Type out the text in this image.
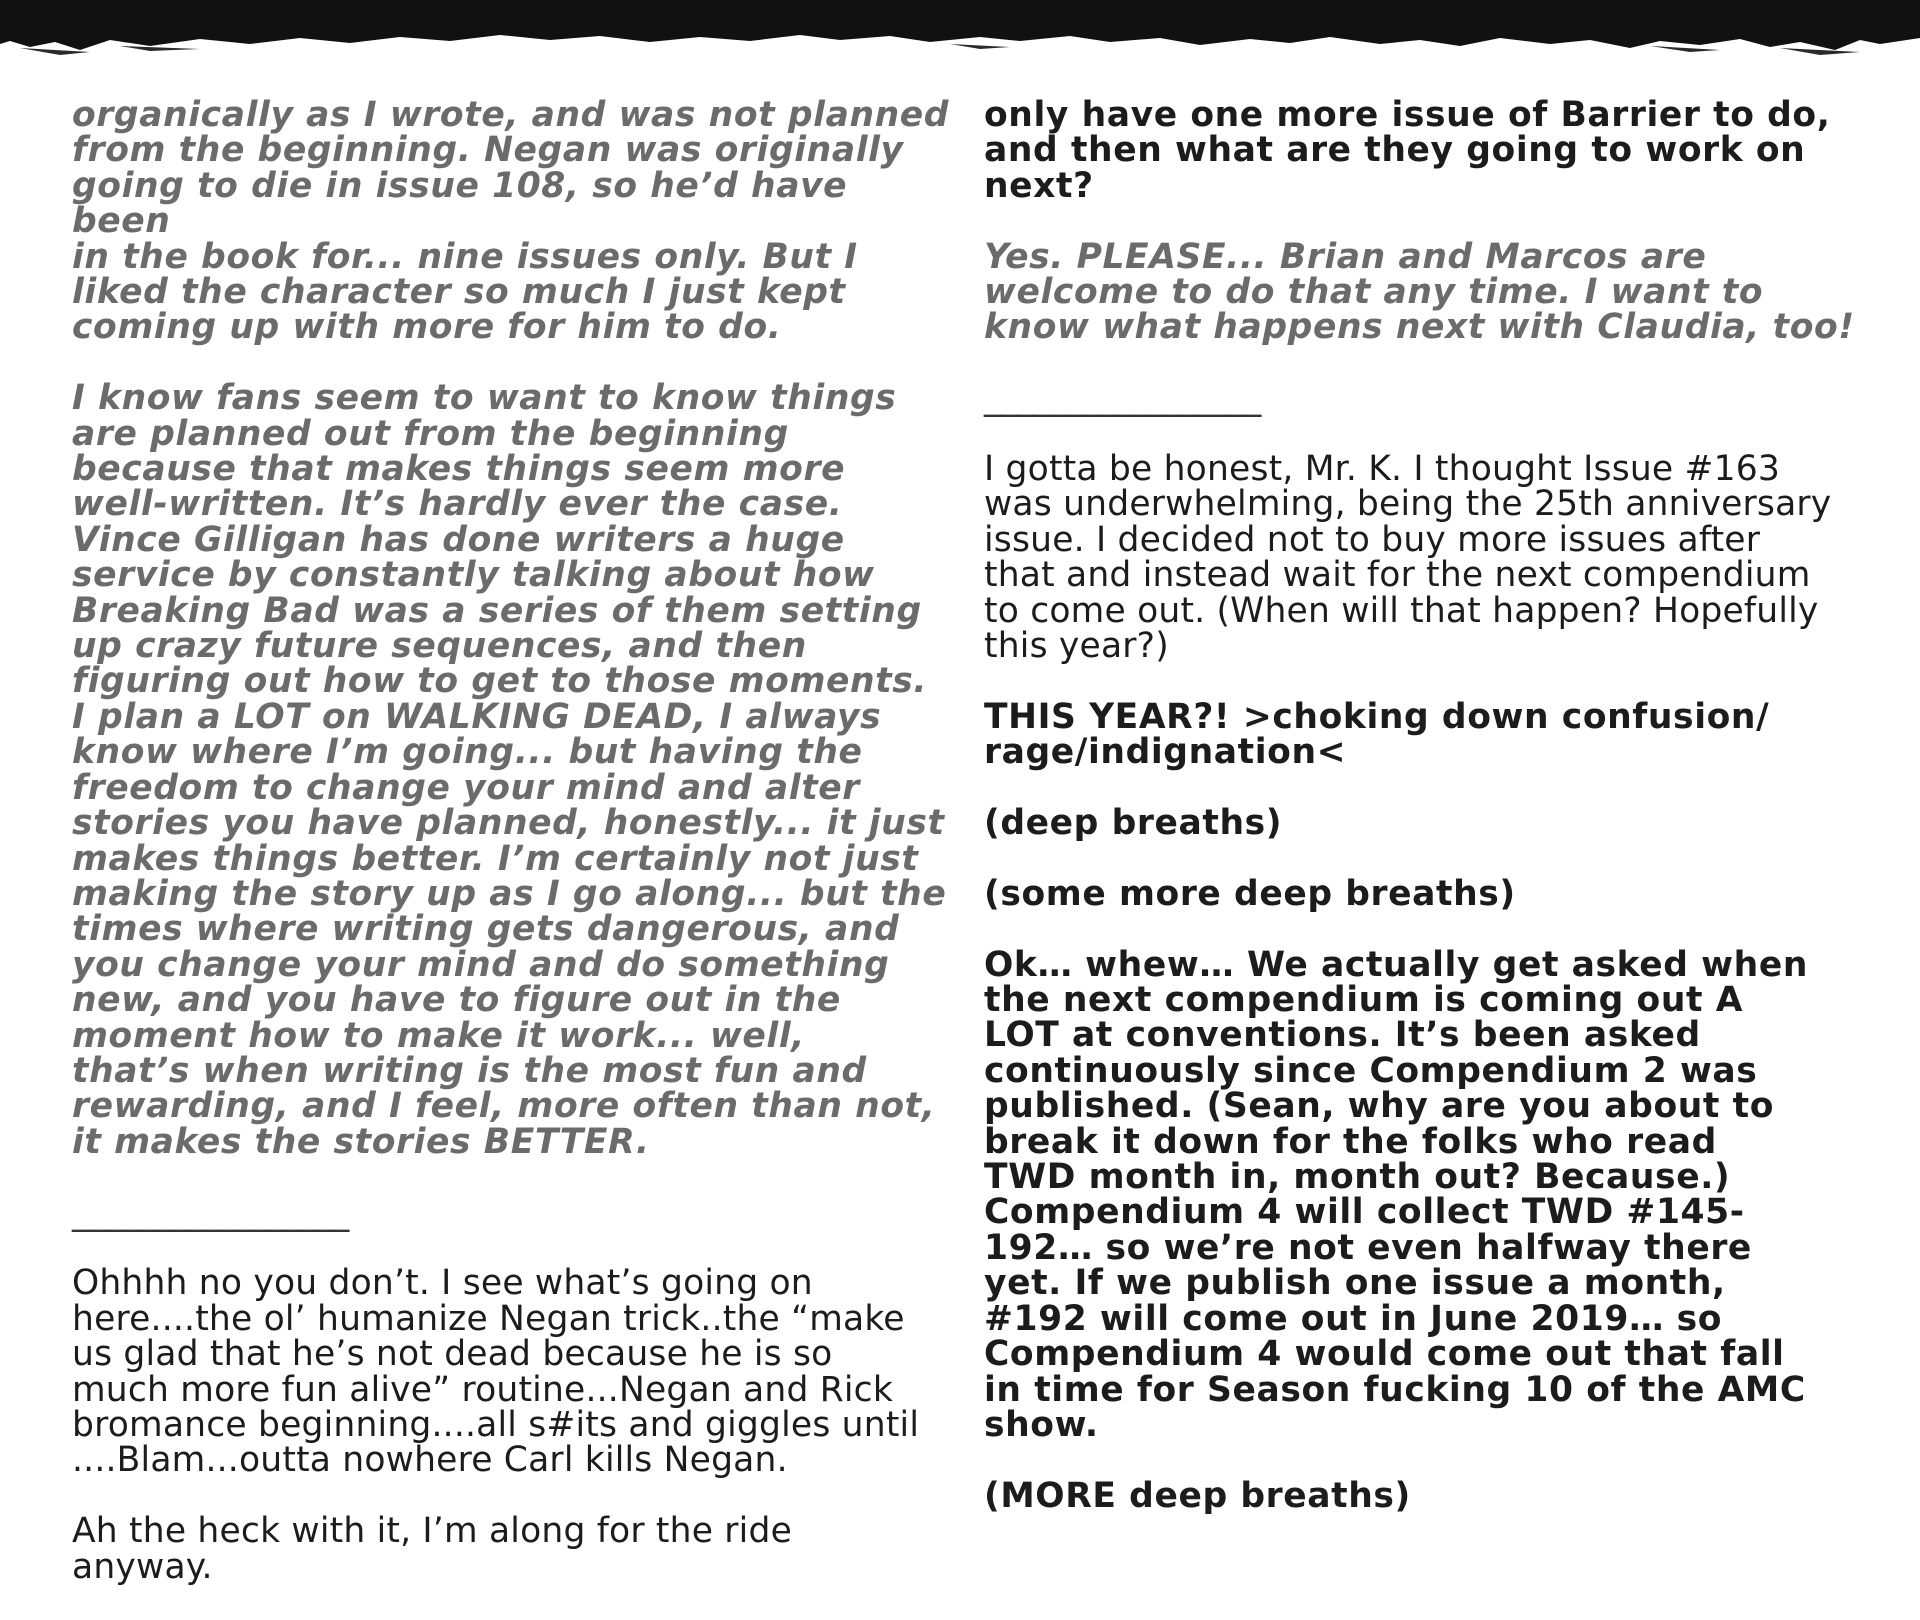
organically as I wrote, and was not planned
from the beginning. Negan was originally
going to die in issue 108, so he’d have been
in the book for... nine issues only. But I
liked the character so much I just kept
coming up with more for him to do.

I know fans seem to want to know things
are planned out from the beginning
because that makes things seem more
well-written. It’s hardly ever the case.
Vince Gilligan has done writers a huge
service by constantly talking about how
Breaking Bad was a series of them setting
up crazy future sequences, and then
figuring out how to get to those moments.
I plan a LOT on WALKING DEAD, I always
know where I’m going... but having the
freedom to change your mind and alter
stories you have planned, honestly... it just
makes things better. I’m certainly not just
making the story up as I go along... but the
times where writing gets dangerous, and
you change your mind and do something
new, and you have to figure out in the
moment how to make it work... well,
that’s when writing is the most fun and
rewarding, and I feel, more often than not,
it makes the stories BETTER.

_________________

Ohhhh no you don’t. I see what’s going on
here....the ol’ humanize Negan trick..the “make
us glad that he’s not dead because he is so
much more fun alive” routine...Negan and Rick
bromance beginning....all s#its and giggles until
....Blam...outta nowhere Carl kills Negan.

Ah the heck with it, I’m along for the ride
anyway.

only have one more issue of Barrier to do,
and then what are they going to work on
next?

Yes. PLEASE... Brian and Marcos are
welcome to do that any time. I want to
know what happens next with Claudia, too!

_________________

I gotta be honest, Mr. K. I thought Issue #163
was underwhelming, being the 25th anniversary
issue. I decided not to buy more issues after
that and instead wait for the next compendium
to come out. (When will that happen? Hopefully
this year?)

THIS YEAR?! >choking down confusion/
rage/indignation<

(deep breaths)

(some more deep breaths)

Ok… whew… We actually get asked when
the next compendium is coming out A
LOT at conventions. It’s been asked
continuously since Compendium 2 was
published. (Sean, why are you about to
break it down for the folks who read
TWD month in, month out? Because.)
Compendium 4 will collect TWD #145-
192… so we’re not even halfway there
yet. If we publish one issue a month,
#192 will come out in June 2019… so
Compendium 4 would come out that fall
in time for Season fucking 10 of the AMC
show.

(MORE deep breaths)
